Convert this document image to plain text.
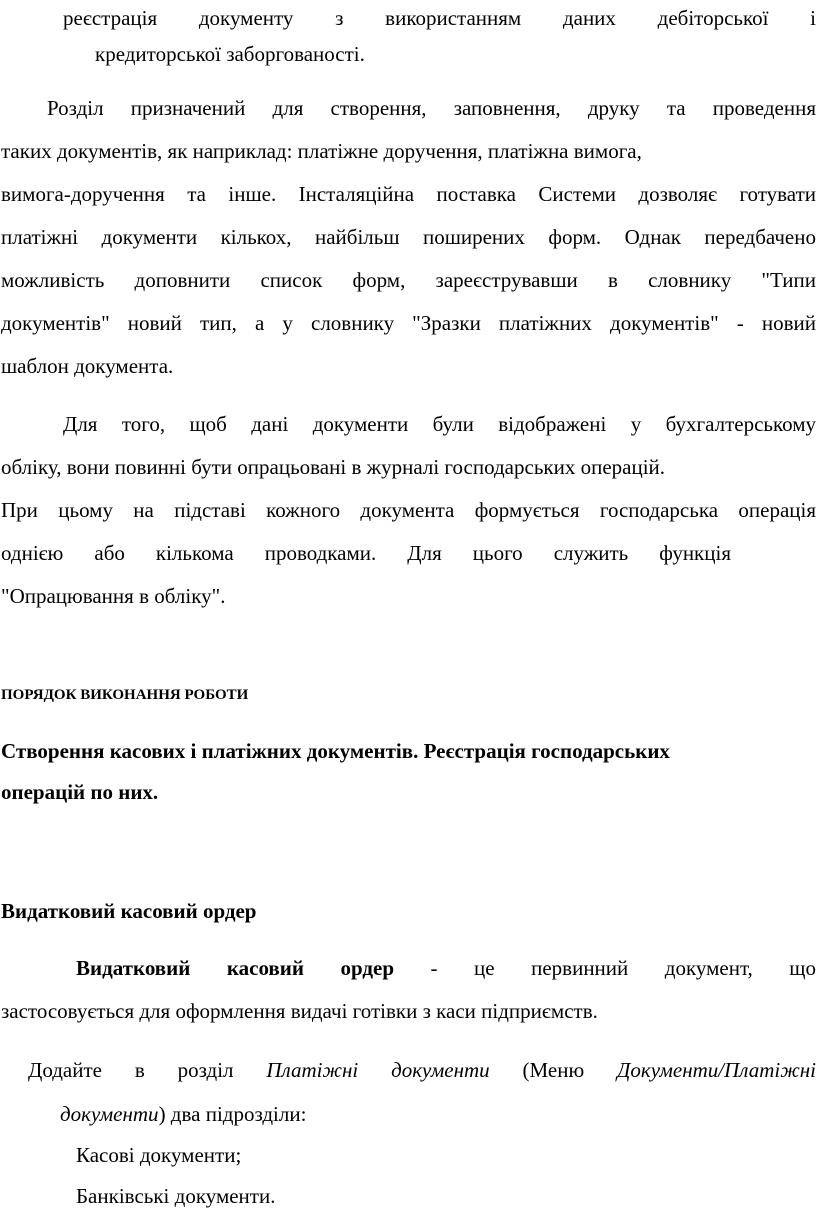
реєстрація документу з використанням даних дебіторської і

кредиторської заборгованості.

Розділ призначений для створення, заповнення, друку та проведення

таких документів, як наприклад: платіжне доручення, платіжна вимога,

вимога-доручення та інше. Інсталяційна поставка Системи дозволяє готувати

платіжні документи кількох, найбільш поширених форм. Однак передбачено

можливість доповнити список форм, зареєструвавши в словнику "Типи

документів" новий тип, а у словнику "Зразки платіжних документів" - новий

шаблон документа.

Для того, щоб дані документи були відображені у бухгалтерському

обліку, вони повинні бути опрацьовані в журналі господарських операцій.

При цьому на підставі кожного документа формується господарська операція

однією або кількома проводками. Для цього служить функція

"Опрацювання в обліку".

ПОРЯДОК ВИКОНАННЯ РОБОТИ

Створення касових і платіжних документів. Реєстрація господарських

операцій по них.

Видатковий касовий ордер

Видатковий касовий ордер - це первинний документ, що

застосовується для оформлення видачі готівки з каси підприємств.

Додайте в розділ Платіжні документи (Меню Документи/Платіжні

документи) два підрозділи:

Касові документи;

Банківські документи.
